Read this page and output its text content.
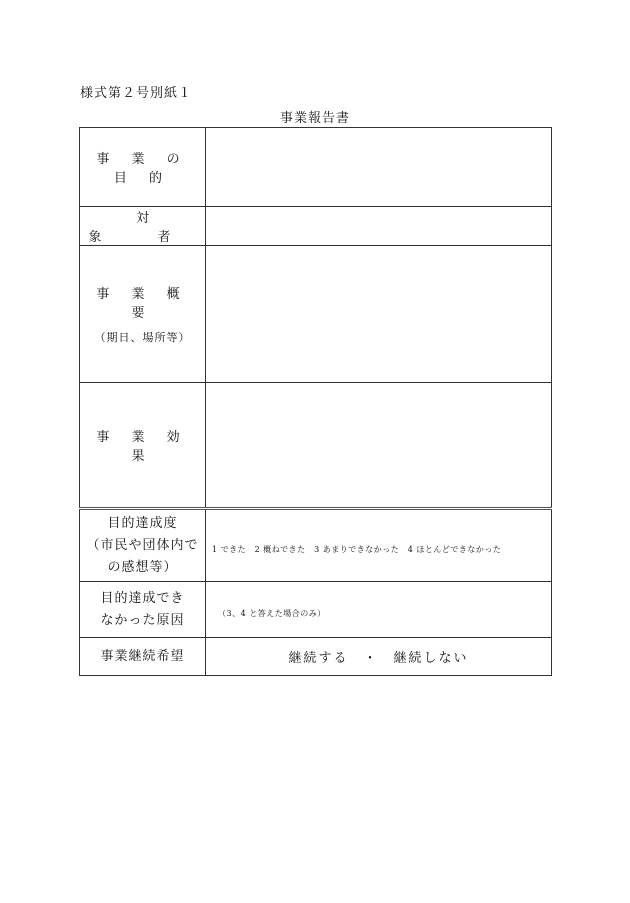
様式第２号別紙１
事業報告書
事 業 の 目 的	
対 象 者	
事 業 概 要
（期日、場所等）	

事 業 効 果	

目的達成度
（市民や団体内で
の感想等）	1 できた　2 概ねできた　3 あまりできなかった　4 ほとんどできなかった

目的達成でき
なかった原因	（3、4 と答えた場合のみ）

事業継続希望	継続する　・　継続しない
